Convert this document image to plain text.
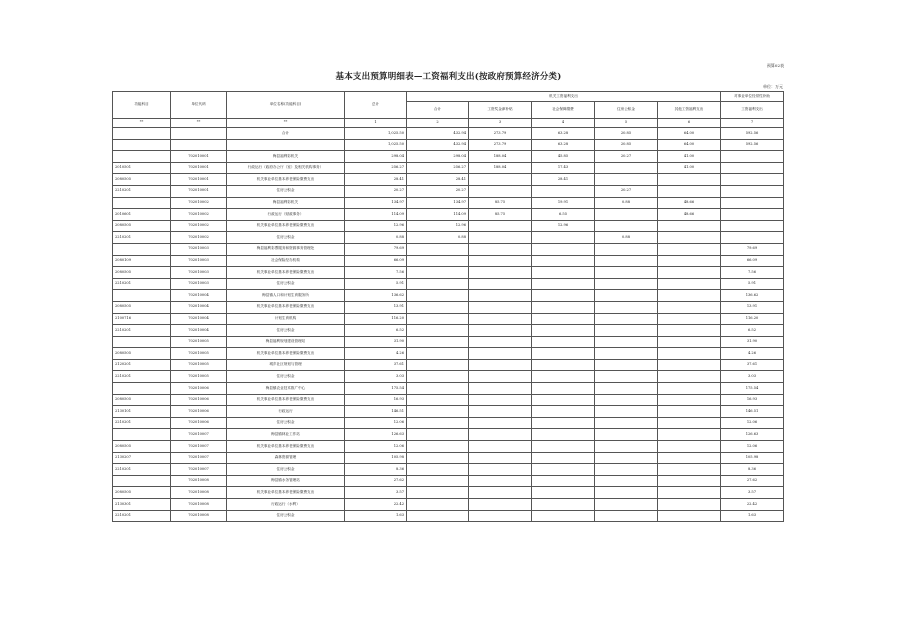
预算02表
基本支出预算明细表—工资福利支出(按政府预算经济分类)
单位：万元
功能科目	单位代码	单位名称(功能科目)	总计	机关工资福利支出					对事业单位经常性补助
				合计	工资奖金津补贴	社会保障缴费	住房公积金	其他工资福利支出	工资福利支出
**	**	**	1	2	3	4	5	6	7
		合计	1,025.50	432.94	273.79	63.28	20.85	64.00	592.56
			1,025.50	432.94	273.79	63.28	20.85	64.00	592.56
	702010001	梅县福利彩机关	298.04	298.04	188.04	45.85	20.27	41.00	
2010501	702010001	行政运行（政府办公厅（室）及相关机构事务）	256.27	256.27	188.04	17.43		41.00	
2080505	702010001	机关事业单位基本养老保险缴费支出	28.41	28.41		28.41			
2210201	702010001	住房公积金	20.27	20.27			20.27		
	702010002	梅县福利彩机关	134.97	134.97	85.75	19.91	0.88	48.66	
2010601	702010002	行政运行（财政事务）	114.09	114.09	85.75	6.55		48.66	
2080505	702010002	机关事业单位基本养老保险缴费支出	12.96	12.96		12.96			
2210201	702010002	住房公积金	0.88	0.88			0.88		
	702010003	梅县福利彩票服务和资源事务管理处	79.69						79.69
2080109	702010003	社会保险经办机构	66.09						66.09
2080505	702010003	机关事业单位基本养老保险缴费支出	7.56						7.56
2210201	702010003	住房公积金	5.91						5.91
	702010004	梅县镇人口和计划生育服务所	136.62						136.62
2080505	702010004	机关事业单位基本养老保险缴费支出	13.91						13.91
2100716	702010004	计划生育机构	116.20						116.20
2210201	702010004	住房公积金	6.52						6.52
	702010005	梅县福利规划建设管理站	31.90						31.90
2080505	702010005	机关事业单位基本养老保险缴费支出	4.26						4.26
2120201	702010005	城乡社区规划与管理	37.61						37.61
2210201	702010005	住房公积金	3.03						3.03
	702010006	梅县镇农业技术推广中心	175.54						175.54
2080505	702010006	机关事业单位基本养老保险缴费支出	16.93						16.93
2130101	702010006	行政运行	146.51						146.51
2210201	702010006	住房公积金	12.06						12.06
	702010007	梅县镇林业工作站	126.63						126.63
2080505	702010007	机关事业单位基本养老保险缴费支出	12.06						12.06
2130207	702010007	森林资源管理	105.98						105.98
2210201	702010007	住房公积金	8.36						8.36
	702010008	梅县镇水务管理站	27.62						27.62
2080505	702010008	机关事业单位基本养老保险缴费支出	3.57						3.57
2130301	702010008	行政运行（水利）	22.42						22.42
2210201	702010008	住房公积金	1.63						1.63
